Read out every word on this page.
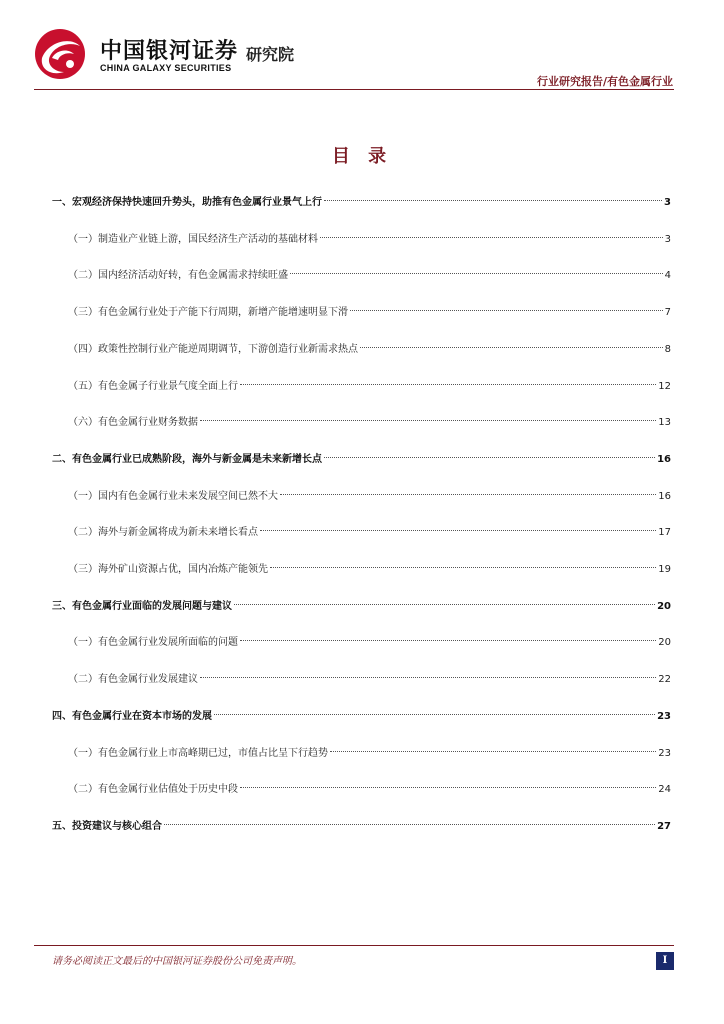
中国银河证券
CHINA GALAXY SECURITIES
研究院
行业研究报告/有色金属行业
目 录
一、宏观经济保持快速回升势头，助推有色金属行业景气上行	3
（一）制造业产业链上游，国民经济生产活动的基础材料	3
（二）国内经济活动好转，有色金属需求持续旺盛	4
（三）有色金属行业处于产能下行周期，新增产能增速明显下滑	7
（四）政策性控制行业产能逆周期调节，下游创造行业新需求热点	8
（五）有色金属子行业景气度全面上行	12
（六）有色金属行业财务数据	13
二、有色金属行业已成熟阶段，海外与新金属是未来新增长点	16
（一）国内有色金属行业未来发展空间已然不大	16
（二）海外与新金属将成为新未来增长看点	17
（三）海外矿山资源占优，国内冶炼产能领先	19
三、有色金属行业面临的发展问题与建议	20
（一）有色金属行业发展所面临的问题	20
（二）有色金属行业发展建议	22
四、有色金属行业在资本市场的发展	23
（一）有色金属行业上市高峰期已过，市值占比呈下行趋势	23
（二）有色金属行业估值处于历史中段	24
五、投资建议与核心组合	27
请务必阅读正文最后的中国银河证券股份公司免责声明。	I
